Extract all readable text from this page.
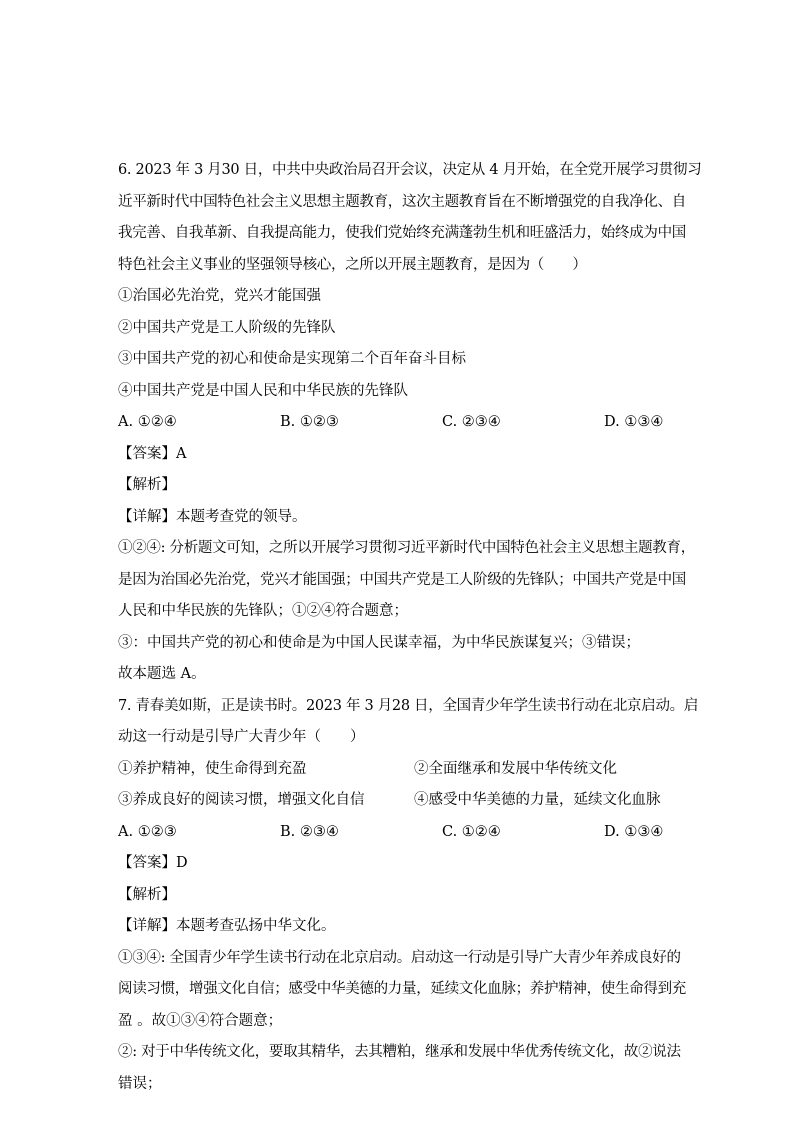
6. 2023 年 3 月30 日，中共中央政治局召开会议，决定从 4 月开始，在全党开展学习贯彻习
近平新时代中国特色社会主义思想主题教育，这次主题教育旨在不断增强党的自我净化、自
我完善、自我革新、自我提高能力，使我们党始终充满蓬勃生机和旺盛活力，始终成为中国
特色社会主义事业的坚强领导核心，之所以开展主题教育，是因为（　　）
①治国必先治党，党兴才能国强
②中国共产党是工人阶级的先锋队
③中国共产党的初心和使命是实现第二个百年奋斗目标
④中国共产党是中国人民和中华民族的先锋队
A. ①②④	B. ①②③	C. ②③④	D. ①③④
【答案】A
【解析】
【详解】本题考查党的领导。
①②④: 分析题文可知，之所以开展学习贯彻习近平新时代中国特色社会主义思想主题教育，
是因为治国必先治党，党兴才能国强；中国共产党是工人阶级的先锋队；中国共产党是中国
人民和中华民族的先锋队；①②④符合题意；
③：中国共产党的初心和使命是为中国人民谋幸福，为中华民族谋复兴；③错误；
故本题选 A。
7. 青春美如斯，正是读书时。2023 年 3 月28 日，全国青少年学生读书行动在北京启动。启
动这一行动是引导广大青少年（　　）
①养护精神，使生命得到充盈	②全面继承和发展中华传统文化
③养成良好的阅读习惯，增强文化自信	④感受中华美德的力量，延续文化血脉
A. ①②③	B. ②③④	C. ①②④	D. ①③④
【答案】D
【解析】
【详解】本题考查弘扬中华文化。
①③④: 全国青少年学生读书行动在北京启动。启动这一行动是引导广大青少年养成良好的
阅读习惯，增强文化自信；感受中华美德的力量，延续文化血脉；养护精神，使生命得到充
盈 。故①③④符合题意；
②: 对于中华传统文化，要取其精华，去其糟粕，继承和发展中华优秀传统文化，故②说法
错误；
